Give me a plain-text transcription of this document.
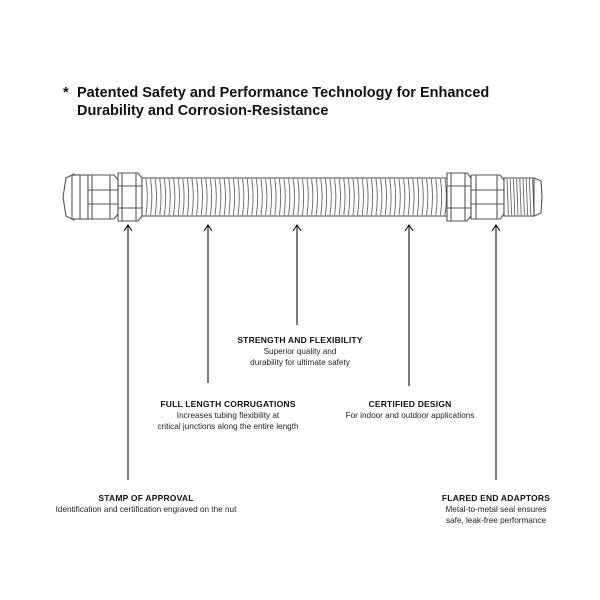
* Patented Safety and Performance Technology for Enhanced
Durability and Corrosion-Resistance
STRENGTH AND FLEXIBILITY
Superior quality and
durability for ultimate safety
FULL LENGTH CORRUGATIONS
Increases tubing flexibility at
critical junctions along the entire length
CERTIFIED DESIGN
For indoor and outdoor applications
STAMP OF APPROVAL
Identification and certification engraved on the nut
FLARED END ADAPTORS
Metal-to-metal seal ensures
safe, leak-free performance
